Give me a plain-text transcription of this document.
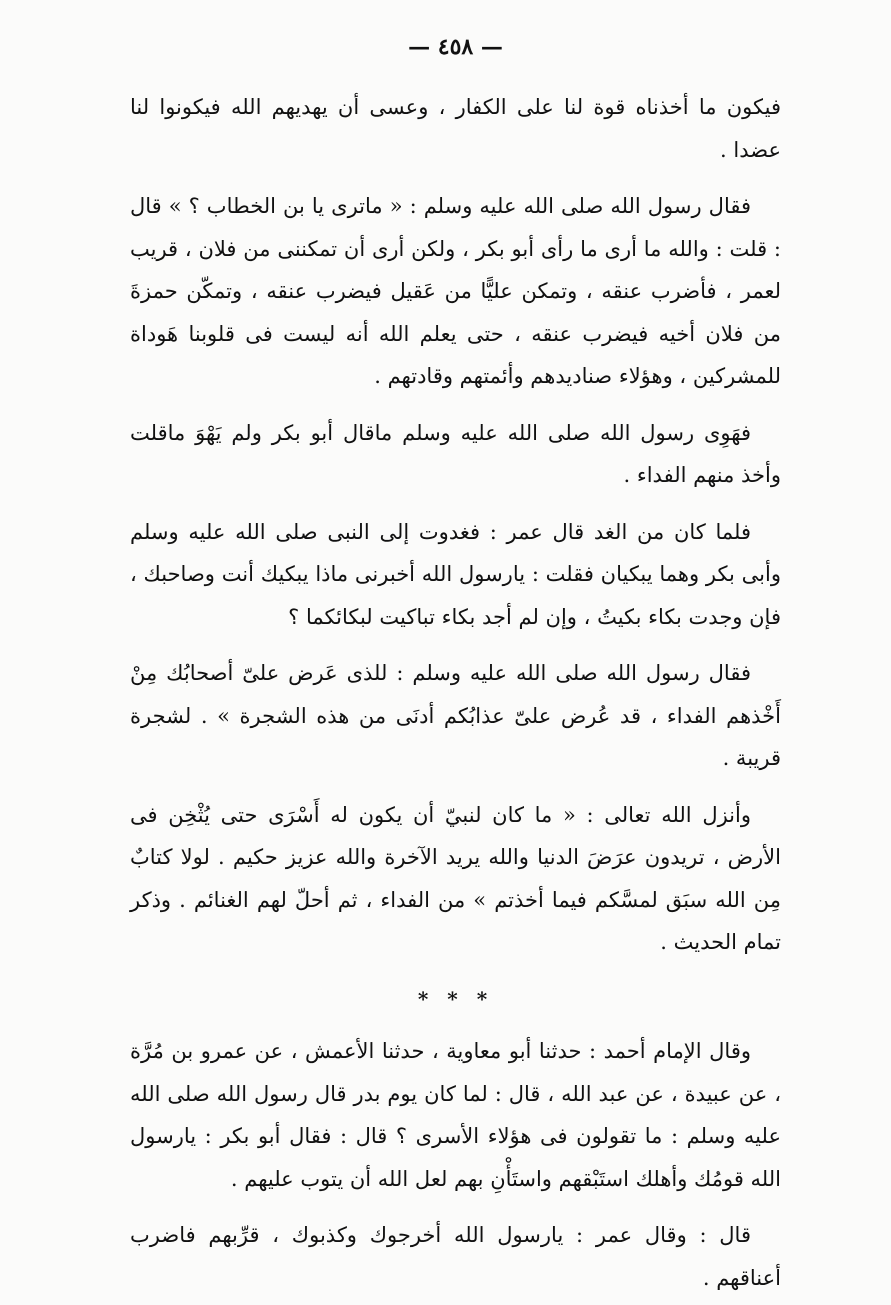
— ٤٥٨ —

فيكون ما أخذناه قوة لنا على الكفار ، وعسى أن يهديهم الله فيكونوا لنا عضدا .

فقال رسول الله صلى الله عليه وسلم : « ماترى يا بن الخطاب ؟ » قال : قلت : والله ما أرى ما رأى أبو بكر ، ولكن أرى أن تمكننى من فلان ، قريب لعمر ، فأضرب عنقه ، وتمكن عليًّا من عَقيل فيضرب عنقه ، وتمكّن حمزةَ من فلان أخيه فيضرب عنقه ، حتى يعلم الله أنه ليست فى قلوبنا هَوداة للمشركين ، وهؤلاء صناديدهم وأئمتهم وقادتهم .

فهَوِى رسول الله صلى الله عليه وسلم ماقال أبو بكر ولم يَهْوَ ماقلت وأخذ منهم الفداء .

فلما كان من الغد قال عمر : فغدوت إلى النبى صلى الله عليه وسلم وأبى بكر وهما يبكيان فقلت : يارسول الله أخبرنى ماذا يبكيك أنت وصاحبك ، فإن وجدت بكاء بكيتُ ، وإن لم أجد بكاء تباكيت لبكائكما ؟

فقال رسول الله صلى الله عليه وسلم : للذى عَرض علىّ أصحابُك مِنْ أَخْذهم الفداء ، قد عُرض علىّ عذابُكم أدنَى من هذه الشجرة » . لشجرة قريبة .

وأنزل الله تعالى : « ما كان لنبيّ أن يكون له أَسْرَى حتى يُثْخِن فى الأرض ، تريدون عرَضَ الدنيا والله يريد الآخرة والله عزيز حكيم . لولا كتابٌ مِن الله سبَق لمسَّكم فيما أخذتم » من الفداء ، ثم أحلّ لهم الغنائم . وذكر تمام الحديث .

* * *

وقال الإمام أحمد : حدثنا أبو معاوية ، حدثنا الأعمش ، عن عمرو بن مُرَّة ، عن عبيدة ، عن عبد الله ، قال : لما كان يوم بدر قال رسول الله صلى الله عليه وسلم : ما تقولون فى هؤلاء الأسرى ؟ قال : فقال أبو بكر : يارسول الله قومُك وأهلك استَبْقهم واستَأْنِ بهم لعل الله أن يتوب عليهم .

قال : وقال عمر : يارسول الله أخرجوك وكذبوك ، قرِّبهم فاضرب أعناقهم .
